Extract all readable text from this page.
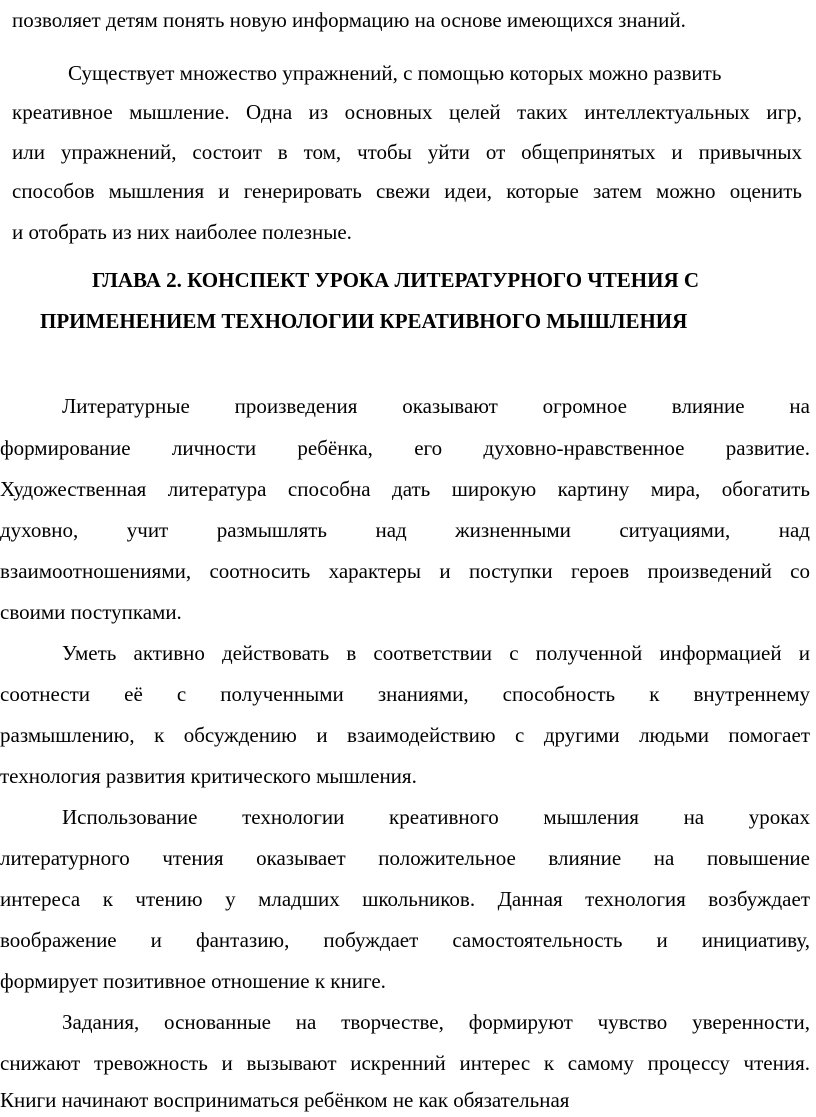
позволяет детям понять новую информацию на основе имеющихся знаний.

Существует множество упражнений, с помощью которых можно развить

креативное мышление. Одна из основных целей таких интеллектуальных игр,

или упражнений, состоит в том, чтобы уйти от общепринятых и привычных

способов мышления и генерировать свежи идеи, которые затем можно оценить

и отобрать из них наиболее полезные.

ГЛАВА 2. КОНСПЕКТ УРОКА ЛИТЕРАТУРНОГО ЧТЕНИЯ С

ПРИМЕНЕНИЕМ ТЕХНОЛОГИИ КРЕАТИВНОГО МЫШЛЕНИЯ

Литературные произведения оказывают огромное влияние на

формирование личности ребёнка, его духовно-нравственное развитие.

Художественная литература способна дать широкую картину мира, обогатить

духовно, учит размышлять над жизненными ситуациями, над

взаимоотношениями, соотносить характеры и поступки героев произведений со

своими поступками.

Уметь активно действовать в соответствии с полученной информацией и

соотнести её с полученными знаниями, способность к внутреннему

размышлению, к обсуждению и взаимодействию с другими людьми помогает

технология развития критического мышления.

Использование технологии креативного мышления на уроках

литературного чтения оказывает положительное влияние на повышение

интереса к чтению у младших школьников. Данная технология возбуждает

воображение и фантазию, побуждает самостоятельность и инициативу,

формирует позитивное отношение к книге.

Задания, основанные на творчестве, формируют чувство уверенности,

снижают тревожность и вызывают искренний интерес к самому процессу чтения.

Книги начинают восприниматься ребёнком не как обязательная
